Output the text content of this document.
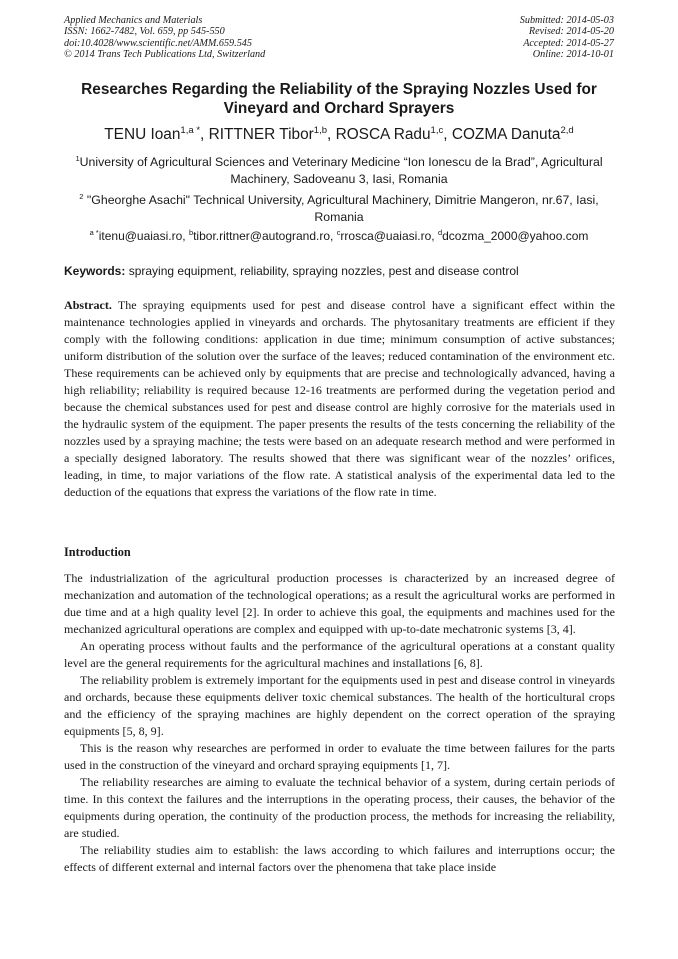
Applied Mechanics and Materials
ISSN: 1662-7482, Vol. 659, pp 545-550
doi:10.4028/www.scientific.net/AMM.659.545
© 2014 Trans Tech Publications Ltd, Switzerland
Submitted: 2014-05-03
Revised: 2014-05-20
Accepted: 2014-05-27
Online: 2014-10-01
Researches Regarding the Reliability of the Spraying Nozzles Used for Vineyard and Orchard Sprayers
TENU Ioan$^{1,a *}$, RITTNER Tibor$^{1,b}$, ROSCA Radu$^{1,c}$, COZMA Danuta$^{2,d}$
$^1$University of Agricultural Sciences and Veterinary Medicine “Ion Ionescu de la Brad”, Agricultural Machinery, Sadoveanu 3, Iasi, Romania
$^2$ "Gheorghe Asachi" Technical University, Agricultural Machinery, Dimitrie Mangeron, nr.67, Iasi, Romania
$^{a *}$itenu@uaiasi.ro, $^b$tibor.rittner@autogrand.ro, $^c$rrosca@uaiasi.ro, $^d$dcozma_2000@yahoo.com
Keywords: spraying equipment, reliability, spraying nozzles, pest and disease control
Abstract. The spraying equipments used for pest and disease control have a significant effect within the maintenance technologies applied in vineyards and orchards. The phytosanitary treatments are efficient if they comply with the following conditions: application in due time; minimum consumption of active substances; uniform distribution of the solution over the surface of the leaves; reduced contamination of the environment etc. These requirements can be achieved only by equipments that are precise and technologically advanced, having a high reliability; reliability is required because 12-16 treatments are performed during the vegetation period and because the chemical substances used for pest and disease control are highly corrosive for the materials used in the hydraulic system of the equipment. The paper presents the results of the tests concerning the reliability of the nozzles used by a spraying machine; the tests were based on an adequate research method and were performed in a specially designed laboratory. The results showed that there was significant wear of the nozzles’ orifices, leading, in time, to major variations of the flow rate. A statistical analysis of the experimental data led to the deduction of the equations that express the variations of the flow rate in time.
Introduction

The industrialization of the agricultural production processes is characterized by an increased degree of mechanization and automation of the technological operations; as a result the agricultural works are performed in due time and at a high quality level [2]. In order to achieve this goal, the equipments and machines used for the mechanized agricultural operations are complex and equipped with up-to-date mechatronic systems [3, 4].

An operating process without faults and the performance of the agricultural operations at a constant quality level are the general requirements for the agricultural machines and installations [6, 8].

The reliability problem is extremely important for the equipments used in pest and disease control in vineyards and orchards, because these equipments deliver toxic chemical substances. The health of the horticultural crops and the efficiency of the spraying machines are highly dependent on the correct operation of the spraying equipments [5, 8, 9].

This is the reason why researches are performed in order to evaluate the time between failures for the parts used in the construction of the vineyard and orchard spraying equipments [1, 7].

The reliability researches are aiming to evaluate the technical behavior of a system, during certain periods of time. In this context the failures and the interruptions in the operating process, their causes, the behavior of the equipments during operation, the continuity of the production process, the methods for increasing the reliability, are studied.

The reliability studies aim to establish: the laws according to which failures and interruptions occur; the effects of different external and internal factors over the phenomena that take place inside
